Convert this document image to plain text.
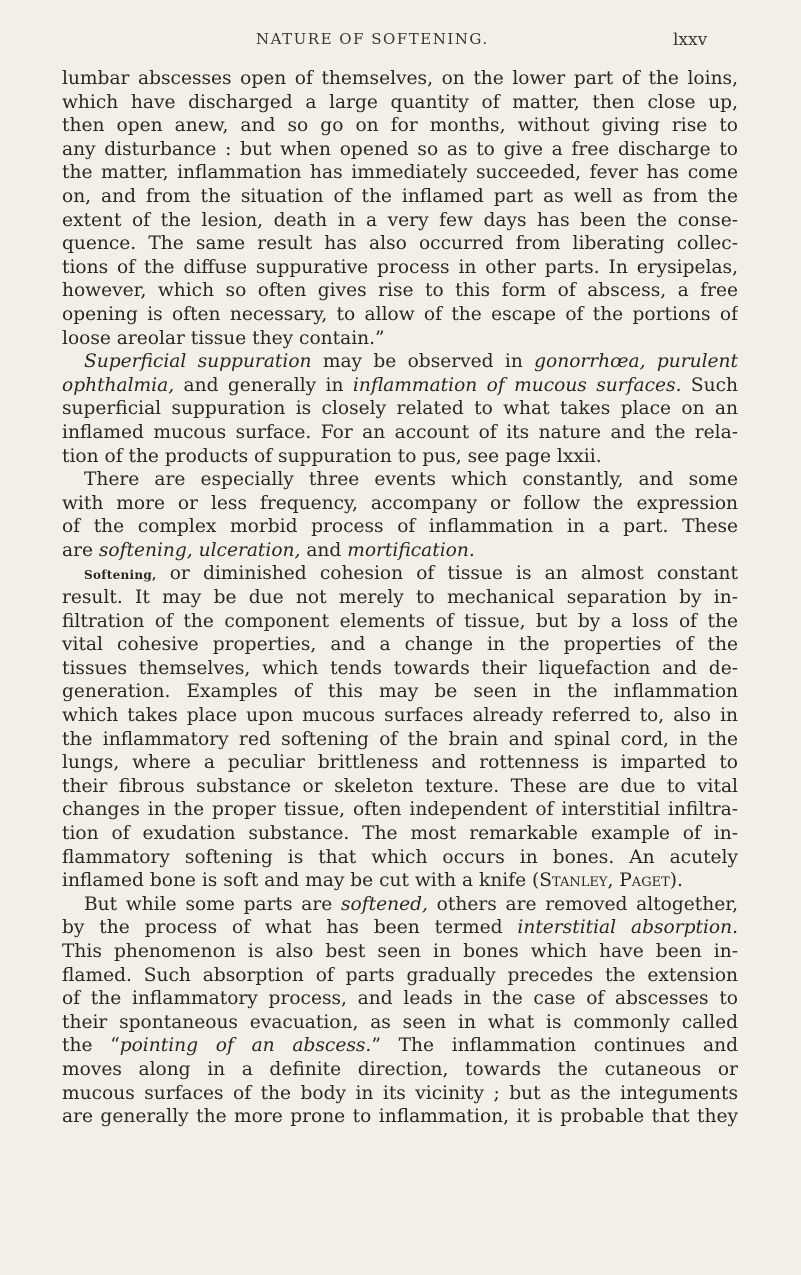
NATURE OF SOFTENING.	lxxv
lumbar abscesses open of themselves, on the lower part of the loins,
which have discharged a large quantity of matter, then close up,
then open anew, and so go on for months, without giving rise to
any disturbance : but when opened so as to give a free discharge to
the matter, inflammation has immediately succeeded, fever has come
on, and from the situation of the inflamed part as well as from the
extent of the lesion, death in a very few days has been the conse-
quence. The same result has also occurred from liberating collec-
tions of the diffuse suppurative process in other parts. In erysipelas,
however, which so often gives rise to this form of abscess, a free
opening is often necessary, to allow of the escape of the portions of
loose areolar tissue they contain.”
Superficial suppuration may be observed in gonorrhœa, purulent
ophthalmia, and generally in inflammation of mucous surfaces. Such
superficial suppuration is closely related to what takes place on an
inflamed mucous surface. For an account of its nature and the rela-
tion of the products of suppuration to pus, see page lxxii.
There are especially three events which constantly, and some
with more or less frequency, accompany or follow the expression
of the complex morbid process of inflammation in a part. These
are softening, ulceration, and mortification.
Softening, or diminished cohesion of tissue is an almost constant
result. It may be due not merely to mechanical separation by in-
filtration of the component elements of tissue, but by a loss of the
vital cohesive properties, and a change in the properties of the
tissues themselves, which tends towards their liquefaction and de-
generation. Examples of this may be seen in the inflammation
which takes place upon mucous surfaces already referred to, also in
the inflammatory red softening of the brain and spinal cord, in the
lungs, where a peculiar brittleness and rottenness is imparted to
their fibrous substance or skeleton texture. These are due to vital
changes in the proper tissue, often independent of interstitial infiltra-
tion of exudation substance. The most remarkable example of in-
flammatory softening is that which occurs in bones. An acutely
inflamed bone is soft and may be cut with a knife (Stanley, Paget).
But while some parts are softened, others are removed altogether,
by the process of what has been termed interstitial absorption.
This phenomenon is also best seen in bones which have been in-
flamed. Such absorption of parts gradually precedes the extension
of the inflammatory process, and leads in the case of abscesses to
their spontaneous evacuation, as seen in what is commonly called
the “pointing of an abscess.” The inflammation continues and
moves along in a definite direction, towards the cutaneous or
mucous surfaces of the body in its vicinity ; but as the integuments
are generally the more prone to inflammation, it is probable that they
